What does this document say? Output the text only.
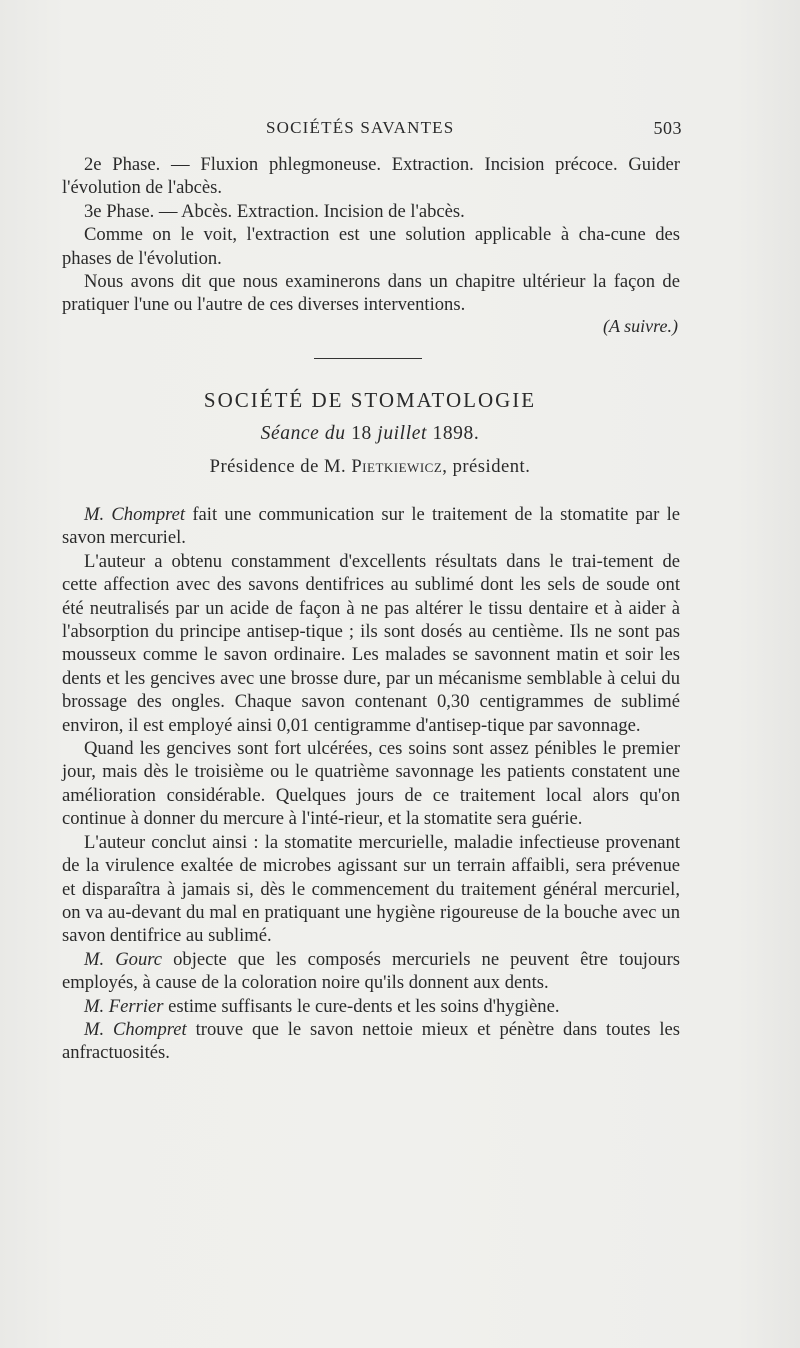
SOCIÉTÉS SAVANTES	503

2e Phase. — Fluxion phlegmoneuse. Extraction. Incision précoce. Guider l'évolution de l'abcès.

3e Phase. — Abcès. Extraction. Incision de l'abcès.

Comme on le voit, l'extraction est une solution applicable à cha-cune des phases de l'évolution.

Nous avons dit que nous examinerons dans un chapitre ultérieur la façon de pratiquer l'une ou l'autre de ces diverses interventions.

(A suivre.)
SOCIÉTÉ DE STOMATOLOGIE
Séance du 18 juillet 1898.
Présidence de M. Pietkiewicz, président.

M. Chompret fait une communication sur le traitement de la stomatite par le savon mercuriel.

L'auteur a obtenu constamment d'excellents résultats dans le trai-tement de cette affection avec des savons dentifrices au sublimé dont les sels de soude ont été neutralisés par un acide de façon à ne pas altérer le tissu dentaire et à aider à l'absorption du principe antisep-tique ; ils sont dosés au centième. Ils ne sont pas mousseux comme le savon ordinaire. Les malades se savonnent matin et soir les dents et les gencives avec une brosse dure, par un mécanisme semblable à celui du brossage des ongles. Chaque savon contenant 0,30 centigrammes de sublimé environ, il est employé ainsi 0,01 centigramme d'antisep-tique par savonnage.

Quand les gencives sont fort ulcérées, ces soins sont assez pénibles le premier jour, mais dès le troisième ou le quatrième savonnage les patients constatent une amélioration considérable. Quelques jours de ce traitement local alors qu'on continue à donner du mercure à l'inté-rieur, et la stomatite sera guérie.

L'auteur conclut ainsi : la stomatite mercurielle, maladie infectieuse provenant de la virulence exaltée de microbes agissant sur un terrain affaibli, sera prévenue et disparaîtra à jamais si, dès le commencement du traitement général mercuriel, on va au-devant du mal en pratiquant une hygiène rigoureuse de la bouche avec un savon dentifrice au sublimé.

M. Gourc objecte que les composés mercuriels ne peuvent être toujours employés, à cause de la coloration noire qu'ils donnent aux dents.

M. Ferrier estime suffisants le cure-dents et les soins d'hygiène.

M. Chompret trouve que le savon nettoie mieux et pénètre dans toutes les anfractuosités.
